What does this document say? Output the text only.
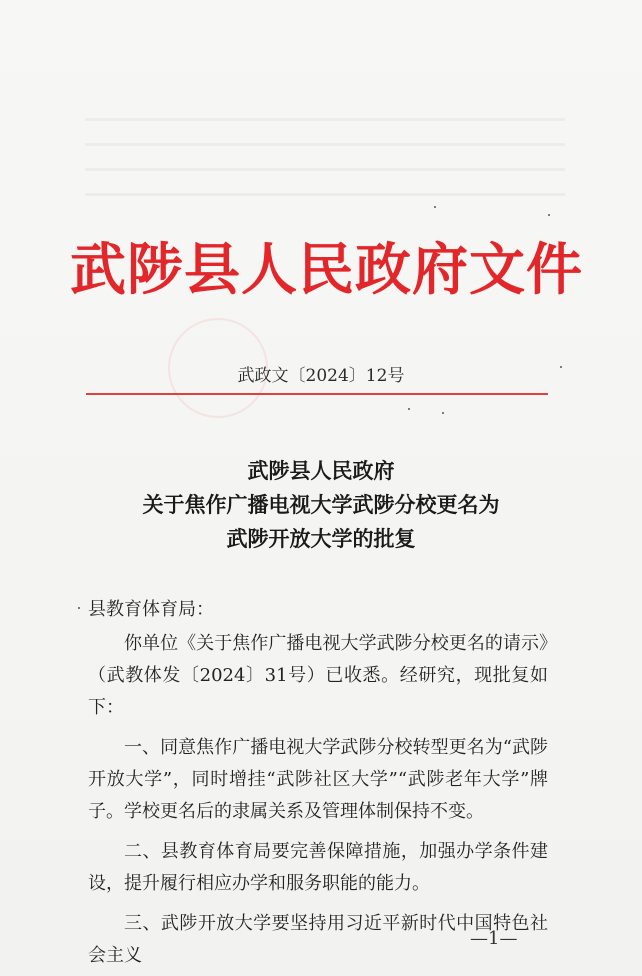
武陟县人民政府文件
武政文〔2024〕12号
武陟县人民政府
关于焦作广播电视大学武陟分校更名为
武陟开放大学的批复
县教育体育局：

你单位《关于焦作广播电视大学武陟分校更名的请示》（武教体发〔2024〕31号）已收悉。经研究，现批复如下：

一、同意焦作广播电视大学武陟分校转型更名为“武陟开放大学”，同时增挂“武陟社区大学”“武陟老年大学”牌子。学校更名后的隶属关系及管理体制保持不变。

二、县教育体育局要完善保障措施，加强办学条件建设，提升履行相应办学和服务职能的能力。

三、武陟开放大学要坚持用习近平新时代中国特色社会主义

—1—
